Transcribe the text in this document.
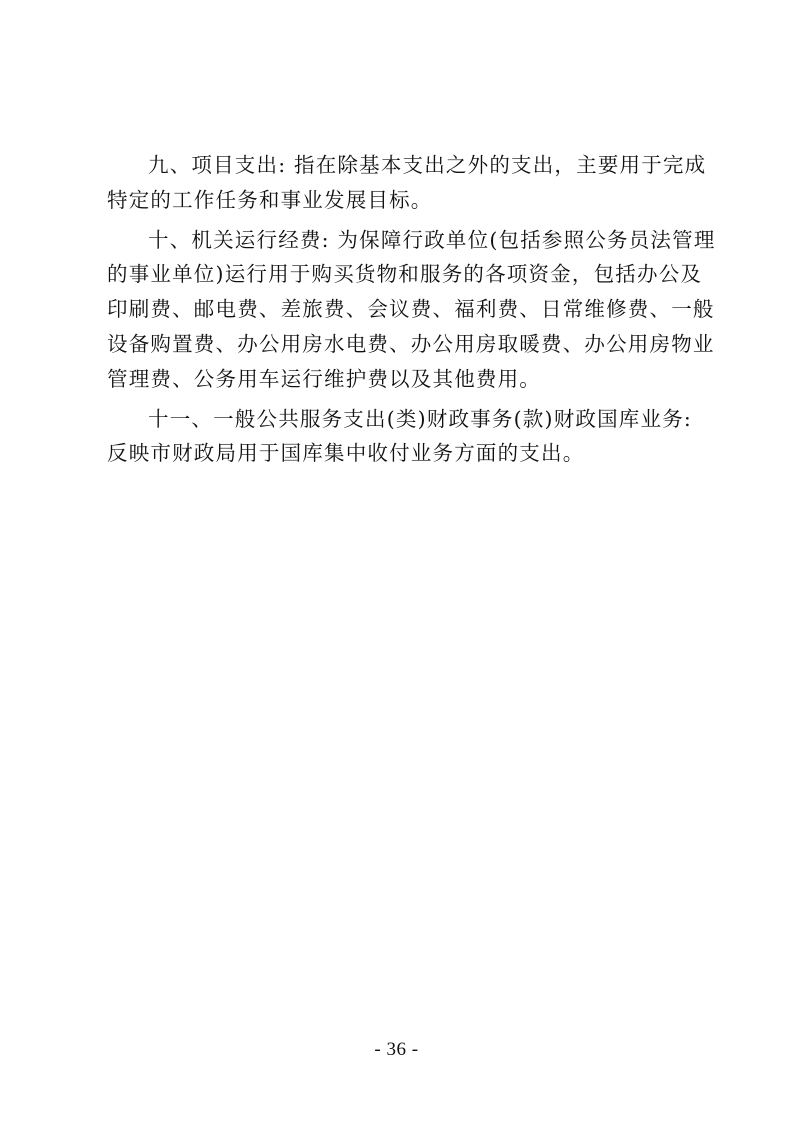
九、项目支出: 指在除基本支出之外的支出，主要用于完成
特定的工作任务和事业发展目标。

十、机关运行经费: 为保障行政单位(包括参照公务员法管理
的事业单位)运行用于购买货物和服务的各项资金，包括办公及
印刷费、邮电费、差旅费、会议费、福利费、日常维修费、一般
设备购置费、办公用房水电费、办公用房取暖费、办公用房物业
管理费、公务用车运行维护费以及其他费用。

十一、一般公共服务支出(类)财政事务(款)财政国库业务:
反映市财政局用于国库集中收付业务方面的支出。

- 36 -
